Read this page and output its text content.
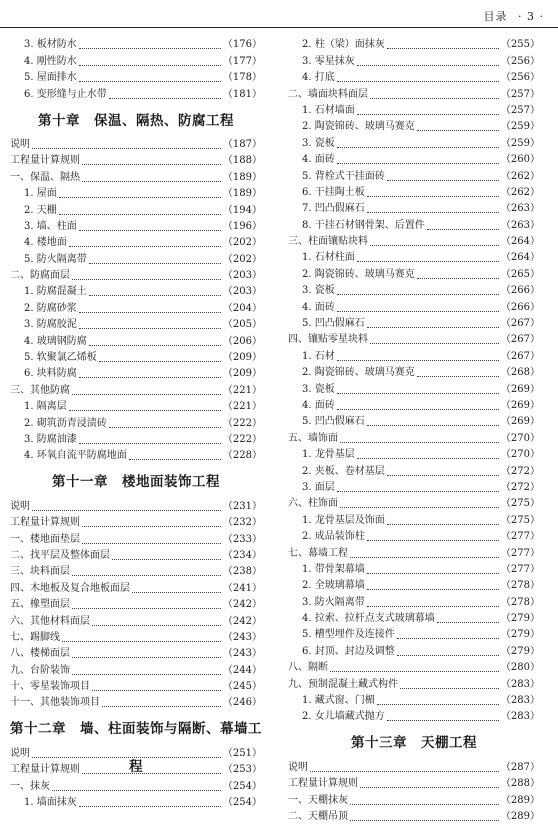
目录 · 3 ·
3. 板材防水	（176）
4. 刚性防水	（177）
5. 屋面排水	（178）
6. 变形缝与止水带	（181）
第十章 保温、隔热、防腐工程
说明	（187）
工程量计算规则	（188）
一、保温、隔热	（189）
1. 屋面	（189）
2. 天棚	（194）
3. 墙、柱面	（196）
4. 楼地面	（202）
5. 防火隔离带	（202）
二、防腐面层	（203）
1. 防腐混凝土	（203）
2. 防腐砂浆	（204）
3. 防腐胶泥	（205）
4. 玻璃钢防腐	（206）
5. 软聚氯乙烯板	（209）
6. 块料防腐	（209）
三、其他防腐	（221）
1. 隔离层	（221）
2. 砌筑沥青浸渍砖	（222）
3. 防腐油漆	（222）
4. 环氧自流平防腐地面	（228）
第十一章 楼地面装饰工程
说明	（231）
工程量计算规则	（232）
一、楼地面垫层	（233）
二、找平层及整体面层	（234）
三、块料面层	（238）
四、木地板及复合地板面层	（241）
五、橡塑面层	（242）
六、其他材料面层	（242）
七、踢脚线	（243）
八、楼梯面层	（243）
九、台阶装饰	（244）
十、零星装饰项目	（245）
十一、其他装饰项目	（246）
第十二章 墙、柱面装饰与隔断、幕墙工程
说明	（251）
工程量计算规则	（253）
一、抹灰	（254）
1. 墙面抹灰	（254）
2. 柱（梁）面抹灰	（255）
3. 零星抹灰	（256）
4. 打底	（256）
二、墙面块料面层	（257）
1. 石材墙面	（257）
2. 陶瓷锦砖、玻璃马赛克	（259）
3. 瓷板	（259）
4. 面砖	（260）
5. 背栓式干挂面砖	（262）
6. 干挂陶土板	（262）
7. 凹凸假麻石	（263）
8. 干挂石材钢骨架、后置件	（263）
三、柱面镶贴块料	（264）
1. 石材柱面	（264）
2. 陶瓷锦砖、玻璃马赛克	（265）
3. 瓷板	（266）
4. 面砖	（266）
5. 凹凸假麻石	（267）
四、镶贴零星块料	（267）
1. 石材	（267）
2. 陶瓷锦砖、玻璃马赛克	（268）
3. 瓷板	（269）
4. 面砖	（269）
5. 凹凸假麻石	（269）
五、墙饰面	（270）
1. 龙骨基层	（270）
2. 夹板、卷材基层	（272）
3. 面层	（272）
六、柱饰面	（275）
1. 龙骨基层及饰面	（275）
2. 成品装饰柱	（277）
七、幕墙工程	（277）
1. 带骨架幕墙	（277）
2. 全玻璃幕墙	（278）
3. 防火隔离带	（278）
4. 拉索、拉杆点支式玻璃幕墙	（279）
5. 槽型埋件及连接件	（279）
6. 封顶、封边及调整	（279）
八、隔断	（280）
九、预制混凝土藏式构件	（283）
1. 藏式窗、门楣	（283）
2. 女儿墙藏式抛方	（283）
第十三章 天棚工程
说明	（287）
工程量计算规则	（288）
一、天棚抹灰	（289）
二、天棚吊顶	（289）
